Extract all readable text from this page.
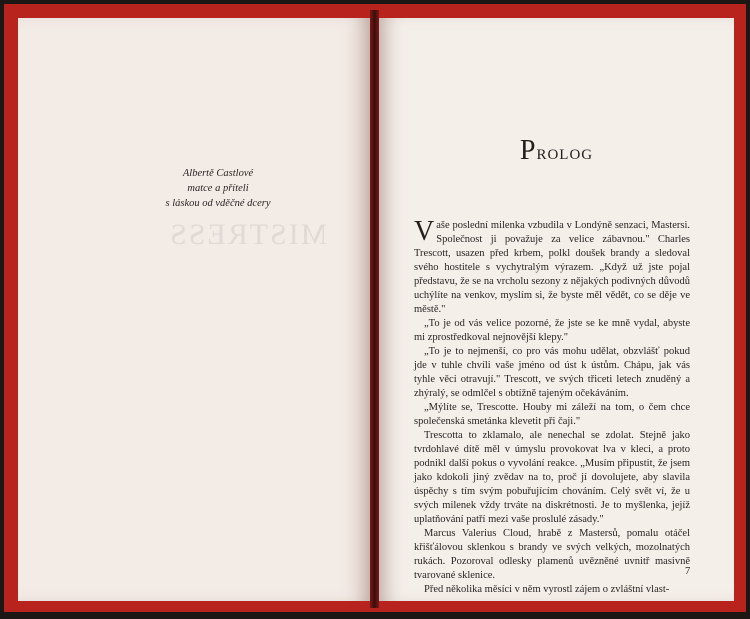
MISTRESS
Albertě Castlové
matce a příteli
s láskou od vděčné dcery
Prolog

Vaše poslední milenka vzbudila v Londýně senzaci, Mastersi. Společnost ji považuje za velice zábavnou." Charles Trescott, usazen před krbem, polkl doušek brandy a sledoval svého hostitele s vychytralým výrazem. „Když už jste pojal představu, že se na vrcholu sezony z nějakých podivných důvodů uchýlíte na venkov, myslím si, že byste měl vědět, co se děje ve městě."

„To je od vás velice pozorné, že jste se ke mně vydal, abyste mi zprostředkoval nejnovější klepy."

„To je to nejmenší, co pro vás mohu udělat, obzvlášť pokud jde v tuhle chvíli vaše jméno od úst k ústům. Chápu, jak vás tyhle věci otravují." Trescott, ve svých třiceti letech znuděný a zhýralý, se odmlčel s obtížně tajeným očekáváním.

„Mýlíte se, Trescotte. Houby mi záleží na tom, o čem chce společenská smetánka klevetit při čaji."

Trescotta to zklamalo, ale nenechal se zdolat. Stejně jako tvrdohlavé dítě měl v úmyslu provokovat lva v kleci, a proto podnikl další pokus o vyvolání reakce. „Musím připustit, že jsem jako kdokoli jiný zvědav na to, proč jí dovolujete, aby slavila úspěchy s tím svým pobuřujícím chováním. Celý svět ví, že u svých milenek vždy trváte na diskrétnosti. Je to myšlenka, jejíž uplatňování patří mezi vaše proslulé zásady."

Marcus Valerius Cloud, hrabě z Mastersů, pomalu otáčel křišťálovou sklenkou s brandy ve svých velkých, mozolnatých rukách. Pozoroval odlesky plamenů uvězněné uvnitř masivně tvarované sklenice.

Před několika měsíci v něm vyrostl zájem o zvláštní vlast-

7
